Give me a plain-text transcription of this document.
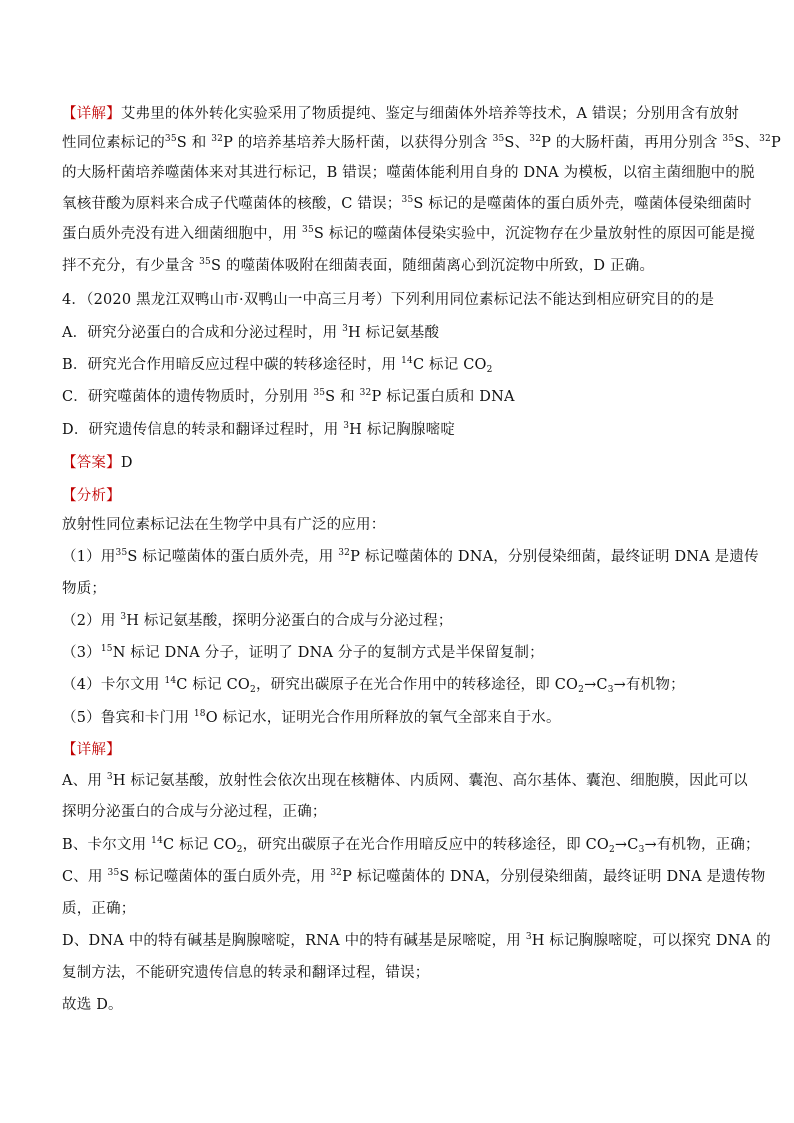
【详解】艾弗里的体外转化实验采用了物质提纯、鉴定与细菌体外培养等技术，A 错误；分别用含有放射
性同位素标记的$^{35}$S 和 $^{32}$P 的培养基培养大肠杆菌，以获得分别含 $^{35}$S、$^{32}$P 的大肠杆菌，再用分别含 $^{35}$S、$^{32}$P
的大肠杆菌培养噬菌体来对其进行标记，B 错误；噬菌体能利用自身的 DNA 为模板，以宿主菌细胞中的脱
氧核苷酸为原料来合成子代噬菌体的核酸，C 错误；$^{35}$S 标记的是噬菌体的蛋白质外壳，噬菌体侵染细菌时
蛋白质外壳没有进入细菌细胞中，用 $^{35}$S 标记的噬菌体侵染实验中，沉淀物存在少量放射性的原因可能是搅
拌不充分，有少量含 $^{35}$S 的噬菌体吸附在细菌表面，随细菌离心到沉淀物中所致，D 正确。
4．（2020 黑龙江双鸭山市·双鸭山一中高三月考）下列利用同位素标记法不能达到相应研究目的的是
A．研究分泌蛋白的合成和分泌过程时，用 $^3$H 标记氨基酸
B．研究光合作用暗反应过程中碳的转移途径时，用 $^{14}$C 标记 $CO_2$
C．研究噬菌体的遗传物质时，分别用 $^{35}$S 和 $^{32}$P 标记蛋白质和 DNA
D．研究遗传信息的转录和翻译过程时，用 $^3$H 标记胸腺嘧啶
【答案】D
【分析】
放射性同位素标记法在生物学中具有广泛的应用：
（1）用$^{35}$S 标记噬菌体的蛋白质外壳，用 $^{32}$P 标记噬菌体的 DNA，分别侵染细菌，最终证明 DNA 是遗传
物质；
（2）用 $^3$H 标记氨基酸，探明分泌蛋白的合成与分泌过程；
$(3)^{15}N$ 标记 DNA 分子，证明了 DNA 分子的复制方式是半保留复制；
（4）卡尔文用 $^{14}$C 标记 $CO_2$，研究出碳原子在光合作用中的转移途径，即 $CO_2\to C_3\to$有机物；
（5）鲁宾和卡门用 $^{18}$O 标记水，证明光合作用所释放的氧气全部来自于水。
【详解】
A、用 $^3$H 标记氨基酸，放射性会依次出现在核糖体、内质网、囊泡、高尔基体、囊泡、细胞膜，因此可以
探明分泌蛋白的合成与分泌过程，正确；
B、卡尔文用 $^{14}$C 标记 $CO_2$，研究出碳原子在光合作用暗反应中的转移途径，即 $CO_2\to C_3\to$有机物，正确；
C、用 $^{35}$S 标记噬菌体的蛋白质外壳，用 $^{32}$P 标记噬菌体的 DNA，分别侵染细菌，最终证明 DNA 是遗传物
质，正确；
D、DNA 中的特有碱基是胸腺嘧啶，RNA 中的特有碱基是尿嘧啶，用 $^3$H 标记胸腺嘧啶，可以探究 DNA 的
复制方法，不能研究遗传信息的转录和翻译过程，错误；
故选 D。
